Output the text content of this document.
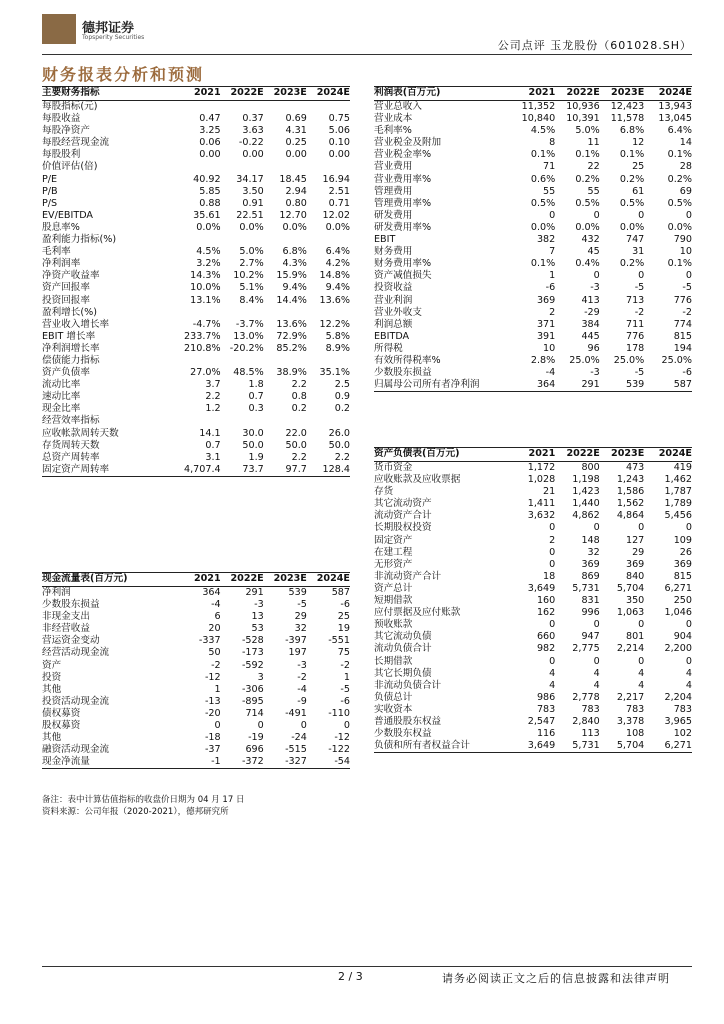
德邦证券
Topsperity Securities
公司点评 玉龙股份（601028.SH）
财务报表分析和预测
主要财务指标	2021	2022E	2023E	2024E
每股指标(元)				
每股收益	0.47	0.37	0.69	0.75
每股净资产	3.25	3.63	4.31	5.06
每股经营现金流	0.06	-0.22	0.25	0.10
每股股利	0.00	0.00	0.00	0.00
价值评估(倍)				
P/E	40.92	34.17	18.45	16.94
P/B	5.85	3.50	2.94	2.51
P/S	0.88	0.91	0.80	0.71
EV/EBITDA	35.61	22.51	12.70	12.02
股息率%	0.0%	0.0%	0.0%	0.0%
盈利能力指标(%)				
毛利率	4.5%	5.0%	6.8%	6.4%
净利润率	3.2%	2.7%	4.3%	4.2%
净资产收益率	14.3%	10.2%	15.9%	14.8%
资产回报率	10.0%	5.1%	9.4%	9.4%
投资回报率	13.1%	8.4%	14.4%	13.6%
盈利增长(%)				
营业收入增长率	-4.7%	-3.7%	13.6%	12.2%
EBIT 增长率	233.7%	13.0%	72.9%	5.8%
净利润增长率	210.8%	-20.2%	85.2%	8.9%
偿债能力指标				
资产负债率	27.0%	48.5%	38.9%	35.1%
流动比率	3.7	1.8	2.2	2.5
速动比率	2.2	0.7	0.8	0.9
现金比率	1.2	0.3	0.2	0.2
经营效率指标				
应收帐款周转天数	14.1	30.0	22.0	26.0
存货周转天数	0.7	50.0	50.0	50.0
总资产周转率	3.1	1.9	2.2	2.2
固定资产周转率	4,707.4	73.7	97.7	128.4
现金流量表(百万元)	2021	2022E	2023E	2024E
净利润	364	291	539	587
少数股东损益	-4	-3	-5	-6
非现金支出	6	13	29	25
非经营收益	20	53	32	19
营运资金变动	-337	-528	-397	-551
经营活动现金流	50	-173	197	75
资产	-2	-592	-3	-2
投资	-12	3	-2	1
其他	1	-306	-4	-5
投资活动现金流	-13	-895	-9	-6
债权募资	-20	714	-491	-110
股权募资	0	0	0	0
其他	-18	-19	-24	-12
融资活动现金流	-37	696	-515	-122
现金净流量	-1	-372	-327	-54
利润表(百万元)	2021	2022E	2023E	2024E
营业总收入	11,352	10,936	12,423	13,943
营业成本	10,840	10,391	11,578	13,045
毛利率%	4.5%	5.0%	6.8%	6.4%
营业税金及附加	8	11	12	14
营业税金率%	0.1%	0.1%	0.1%	0.1%
营业费用	71	22	25	28
营业费用率%	0.6%	0.2%	0.2%	0.2%
管理费用	55	55	61	69
管理费用率%	0.5%	0.5%	0.5%	0.5%
研发费用	0	0	0	0
研发费用率%	0.0%	0.0%	0.0%	0.0%
EBIT	382	432	747	790
财务费用	7	45	31	10
财务费用率%	0.1%	0.4%	0.2%	0.1%
资产减值损失	1	0	0	0
投资收益	-6	-3	-5	-5
营业利润	369	413	713	776
营业外收支	2	-29	-2	-2
利润总额	371	384	711	774
EBITDA	391	445	776	815
所得税	10	96	178	194
有效所得税率%	2.8%	25.0%	25.0%	25.0%
少数股东损益	-4	-3	-5	-6
归属母公司所有者净利润	364	291	539	587
资产负债表(百万元)	2021	2022E	2023E	2024E
货币资金	1,172	800	473	419
应收账款及应收票据	1,028	1,198	1,243	1,462
存货	21	1,423	1,586	1,787
其它流动资产	1,411	1,440	1,562	1,789
流动资产合计	3,632	4,862	4,864	5,456
长期股权投资	0	0	0	0
固定资产	2	148	127	109
在建工程	0	32	29	26
无形资产	0	369	369	369
非流动资产合计	18	869	840	815
资产总计	3,649	5,731	5,704	6,271
短期借款	160	831	350	250
应付票据及应付账款	162	996	1,063	1,046
预收账款	0	0	0	0
其它流动负债	660	947	801	904
流动负债合计	982	2,775	2,214	2,200
长期借款	0	0	0	0
其它长期负债	4	4	4	4
非流动负债合计	4	4	4	4
负债总计	986	2,778	2,217	2,204
实收资本	783	783	783	783
普通股股东权益	2,547	2,840	3,378	3,965
少数股东权益	116	113	108	102
负债和所有者权益合计	3,649	5,731	5,704	6,271
备注：表中计算估值指标的收盘价日期为 04 月 17 日
资料来源：公司年报（2020-2021），德邦研究所
2 / 3	请务必阅读正文之后的信息披露和法律声明
